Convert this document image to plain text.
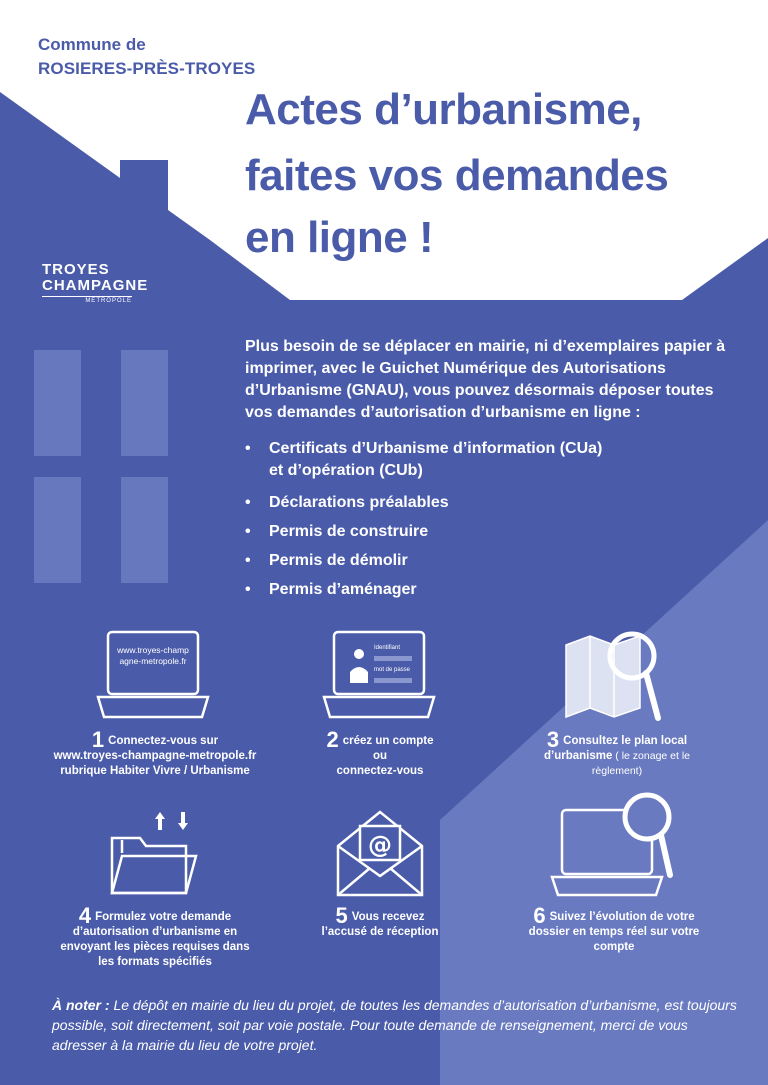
@
Commune de
ROSIERES-PRÈS-TROYES
Actes d’urbanisme,
faites vos demandes
en ligne !
TROYES
CHAMPAGNE
MÉTROPOLE
Plus besoin de se déplacer en mairie, ni d’exemplaires papier à imprimer, avec le Guichet Numérique des Autorisations d’Urbanisme (GNAU), vous pouvez désormais déposer toutes vos demandes d’autorisation d’urbanisme en ligne :
• Certificats d’Urbanisme d’information (CUa)
et d’opération (CUb)
• Déclarations préalables
• Permis de construire
• Permis de démolir
• Permis d’aménager
www.troyes-champagne-metropole.fr
Identifiant
mot de passe
1 Connectez-vous sur
www.troyes-champagne-metropole.fr
rubrique Habiter Vivre / Urbanisme
2 créez un compte
ou
connectez-vous
3 Consultez le plan local
d’urbanisme ( le zonage et le
règlement)
4 Formulez votre demande
d’autorisation d’urbanisme en
envoyant les pièces requises dans
les formats spécifiés
5 Vous recevez
l’accusé de réception
6 Suivez l’évolution de votre
dossier en temps réel sur votre
compte
À noter : Le dépôt en mairie du lieu du projet, de toutes les demandes d’autorisation d’urbanisme, est toujours possible, soit directement, soit par voie postale. Pour toute demande de renseignement, merci de vous adresser à la mairie du lieu de votre projet.
